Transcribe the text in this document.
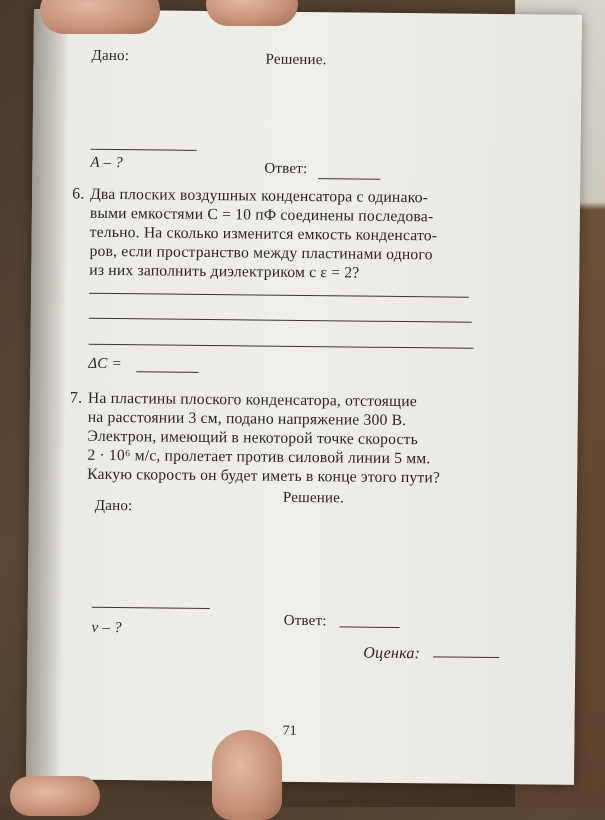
Дано:	Решение.
A – ?	Ответ:
6. Два плоских воздушных конденсатора с одинако-
выми емкостями C = 10 пФ соединены последова-
тельно. На сколько изменится емкость конденсато-
ров, если пространство между пластинами одного
из них заполнить диэлектриком с ε = 2?
ΔC =
7. На пластины плоского конденсатора, отстоящие
на расстоянии 3 см, подано напряжение 300 В.
Электрон, имеющий в некоторой точке скорость
2 · 10⁶ м/с, пролетает против силовой линии 5 мм.
Какую скорость он будет иметь в конце этого пути?
Дано:	Решение.
v – ?	Ответ:
Оценка:
71
